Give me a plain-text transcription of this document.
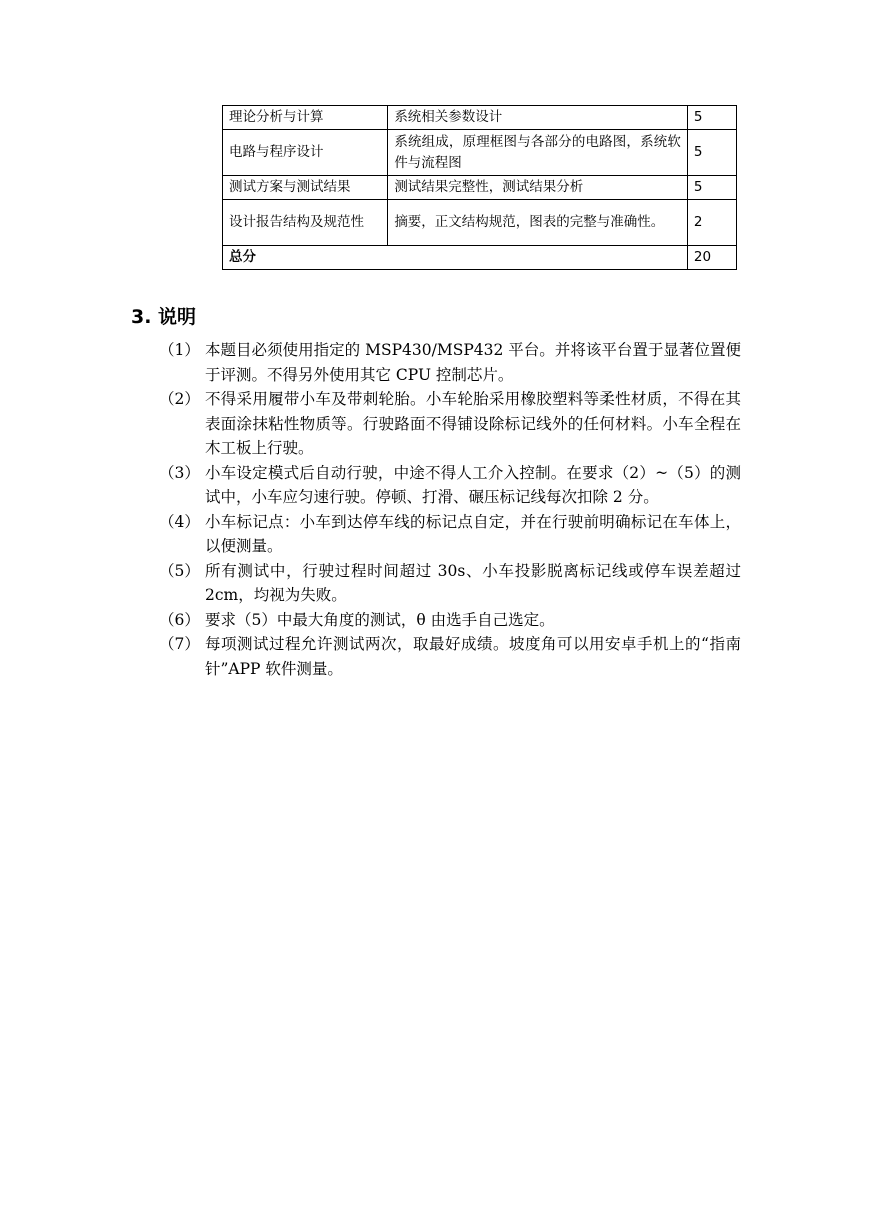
理论分析与计算	系统相关参数设计	5
电路与程序设计	系统组成，原理框图与各部分的电路图，系统软件与流程图	5
测试方案与测试结果	测试结果完整性，测试结果分析	5
设计报告结构及规范性	摘要，正文结构规范，图表的完整与准确性。	2
总分		20
3. 说明
（1） 本题目必须使用指定的 MSP430/MSP432 平台。并将该平台置于显著位置便于评测。不得另外使用其它 CPU 控制芯片。
（2） 不得采用履带小车及带刺轮胎。小车轮胎采用橡胶塑料等柔性材质，不得在其表面涂抹粘性物质等。行驶路面不得铺设除标记线外的任何材料。小车全程在木工板上行驶。
（3） 小车设定模式后自动行驶，中途不得人工介入控制。在要求（2）~（5）的测试中，小车应匀速行驶。停顿、打滑、碾压标记线每次扣除 2 分。
（4） 小车标记点：小车到达停车线的标记点自定，并在行驶前明确标记在车体上，以便测量。
（5） 所有测试中，行驶过程时间超过 30s、小车投影脱离标记线或停车误差超过 2cm，均视为失败。
（6） 要求（5）中最大角度的测试，θ 由选手自己选定。
（7） 每项测试过程允许测试两次，取最好成绩。坡度角可以用安卓手机上的“指南针”APP 软件测量。
